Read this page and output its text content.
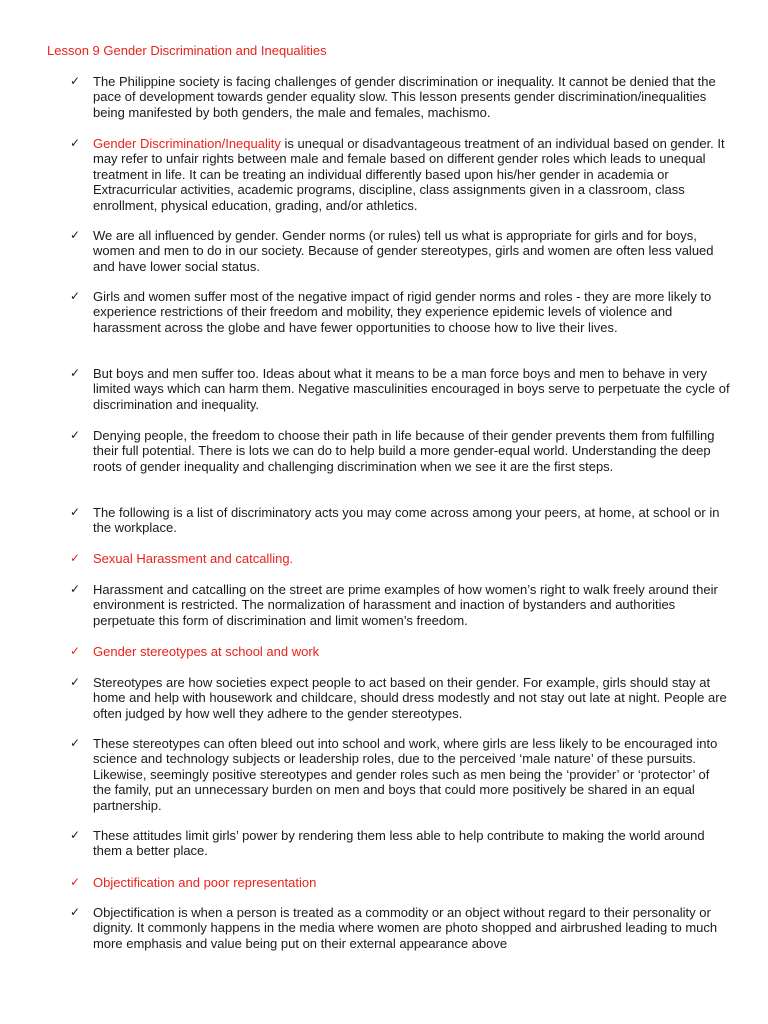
Lesson 9 Gender Discrimination and Inequalities
✓ The Philippine society is facing challenges of gender discrimination or inequality. It cannot be denied that the pace of development towards gender equality slow. This lesson presents gender discrimination/inequalities being manifested by both genders, the male and females, machismo.
✓ Gender Discrimination/Inequality is unequal or disadvantageous treatment of an individual based on gender. It may refer to unfair rights between male and female based on different gender roles which leads to unequal treatment in life. It can be treating an individual differently based upon his/her gender in academia or Extracurricular activities, academic programs, discipline, class assignments given in a classroom, class enrollment, physical education, grading, and/or athletics.
✓ We are all influenced by gender. Gender norms (or rules) tell us what is appropriate for girls and for boys, women and men to do in our society. Because of gender stereotypes, girls and women are often less valued and have lower social status.
✓ Girls and women suffer most of the negative impact of rigid gender norms and roles - they are more likely to experience restrictions of their freedom and mobility, they experience epidemic levels of violence and harassment across the globe and have fewer opportunities to choose how to live their lives.
✓ But boys and men suffer too. Ideas about what it means to be a man force boys and men to behave in very limited ways which can harm them. Negative masculinities encouraged in boys serve to perpetuate the cycle of discrimination and inequality.
✓ Denying people, the freedom to choose their path in life because of their gender prevents them from fulfilling their full potential. There is lots we can do to help build a more gender-equal world. Understanding the deep roots of gender inequality and challenging discrimination when we see it are the first steps.
✓ The following is a list of discriminatory acts you may come across among your peers, at home, at school or in the workplace.
✓ Sexual Harassment and catcalling.
✓ Harassment and catcalling on the street are prime examples of how women’s right to walk freely around their environment is restricted. The normalization of harassment and inaction of bystanders and authorities perpetuate this form of discrimination and limit women’s freedom.
✓ Gender stereotypes at school and work
✓ Stereotypes are how societies expect people to act based on their gender. For example, girls should stay at home and help with housework and childcare, should dress modestly and not stay out late at night. People are often judged by how well they adhere to the gender stereotypes.
✓ These stereotypes can often bleed out into school and work, where girls are less likely to be encouraged into science and technology subjects or leadership roles, due to the perceived ‘male nature’ of these pursuits. Likewise, seemingly positive stereotypes and gender roles such as men being the ‘provider’ or ‘protector’ of the family, put an unnecessary burden on men and boys that could more positively be shared in an equal partnership.
✓ These attitudes limit girls’ power by rendering them less able to help contribute to making the world around them a better place.
✓ Objectification and poor representation
✓ Objectification is when a person is treated as a commodity or an object without regard to their personality or dignity. It commonly happens in the media where women are photo shopped and airbrushed leading to much more emphasis and value being put on their external appearance above
